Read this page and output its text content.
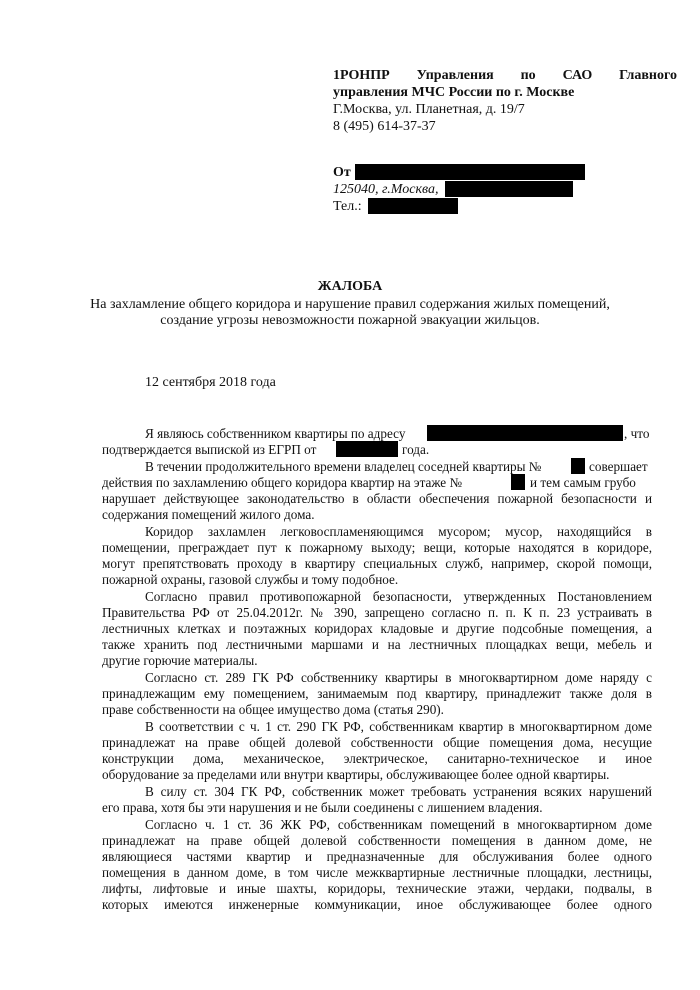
1РОНПР Управления по САО Главного
управления МЧС России по г. Москве
Г.Москва, ул. Планетная, д. 19/7
8 (495) 614-37-37
От
125040, г.Москва,
Тел.:
ЖАЛОБА
На захламление общего коридора и нарушение правил содержания жилых помещений,
создание угрозы невозможности пожарной эвакуации жильцов.
12 сентября 2018 года
Я являюсь собственником квартиры по адресу	, что
подтверждается выпиской из ЕГРП от	года.
В течении продолжительного времени владелец соседней квартиры №	совершает
действия по захламлению общего коридора квартир на этаже №	и тем самым грубо
нарушает действующее законодательство в области обеспечения пожарной безопасности и
содержания помещений жилого дома.
Коридор захламлен легковоспламеняющимся мусором; мусор, находящийся в
помещении, преграждает пут к пожарному выходу; вещи, которые находятся в коридоре,
могут препятствовать проходу в квартиру специальных служб, например, скорой помощи,
пожарной охраны, газовой службы и тому подобное.
Согласно правил противопожарной безопасности, утвержденных Постановлением
Правительства РФ от 25.04.2012г. № 390, запрещено согласно п. п. К п. 23 устраивать в
лестничных клетках и поэтажных коридорах кладовые и другие подсобные помещения, а
также хранить под лестничными маршами и на лестничных площадках вещи, мебель и
другие горючие материалы.
Согласно ст. 289 ГК РФ собственнику квартиры в многоквартирном доме наряду с
принадлежащим ему помещением, занимаемым под квартиру, принадлежит также доля в
праве собственности на общее имущество дома (статья 290).
В соответствии с ч. 1 ст. 290 ГК РФ, собственникам квартир в многоквартирном доме
принадлежат на праве общей долевой собственности общие помещения дома, несущие
конструкции дома, механическое, электрическое, санитарно-техническое и иное
оборудование за пределами или внутри квартиры, обслуживающее более одной квартиры.
В силу ст. 304 ГК РФ, собственник может требовать устранения всяких нарушений
его права, хотя бы эти нарушения и не были соединены с лишением владения.
Согласно ч. 1 ст. 36 ЖК РФ, собственникам помещений в многоквартирном доме
принадлежат на праве общей долевой собственности помещения в данном доме, не
являющиеся частями квартир и предназначенные для обслуживания более одного
помещения в данном доме, в том числе межквартирные лестничные площадки, лестницы,
лифты, лифтовые и иные шахты, коридоры, технические этажи, чердаки, подвалы, в
которых имеются инженерные коммуникации, иное обслуживающее более одного
